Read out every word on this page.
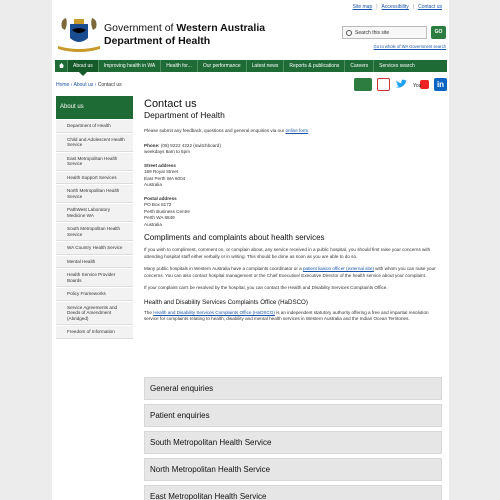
Site map | Accessibility | Contact us
Government of Western Australia
Department of Health
Search this site	GO
Go to whole of WA Government search
About us	Improving health in WA	Health for...	Our performance	Latest news	Reports & publications	Careers	Services search
Home › About us › Contact us	You	in
About us
Department of Health
Child and Adolescent Health Service
East Metropolitan Health Service
Health Support Services
North Metropolitan Health Service
PathWest Laboratory Medicine WA
South Metropolitan Health Service
WA Country Health Service
Mental Health
Health Service Provider Boards
Policy Frameworks
Service Agreements and Deeds of Amendment (Abridged)
Freedom of Information
Contact us
Department of Health

Please submit any feedback, questions and general enquiries via our online form.

Phone: (08) 9222 4222 (switchboard)
weekdays 8am to 5pm

Street address
189 Royal Street
East Perth WA 6004
Australia

Postal address
PO Box 8172
Perth Business Centre
Perth WA 6849
Australia

Compliments and complaints about health services

If you wish to compliment, comment on, or complain about, any service received in a public hospital, you should first raise your concerns with attending hospital staff either verbally or in writing. This should be done as soon as you are able to do so.

Many public hospitals in Western Australia have a complaints coordinator or a patient liaison officer (external site) with whom you can raise your concerns. You can also contact hospital management or the Chief Executive/ Executive Director of the health service about your complaint.

If your complaint can't be resolved by the hospital, you can contact the Health and Disability Services Complaints Office.

Health and Disability Services Complaints Office (HaDSCO)

The Health and Disability Services Complaints Office (HaDSCO) is an independent statutory authority offering a free and impartial resolution service for complaints relating to health, disability and mental health services in Western Australia and the Indian Ocean Territories.

General enquiries
Patient enquiries
South Metropolitan Health Service
North Metropolitan Health Service
East Metropolitan Health Service
